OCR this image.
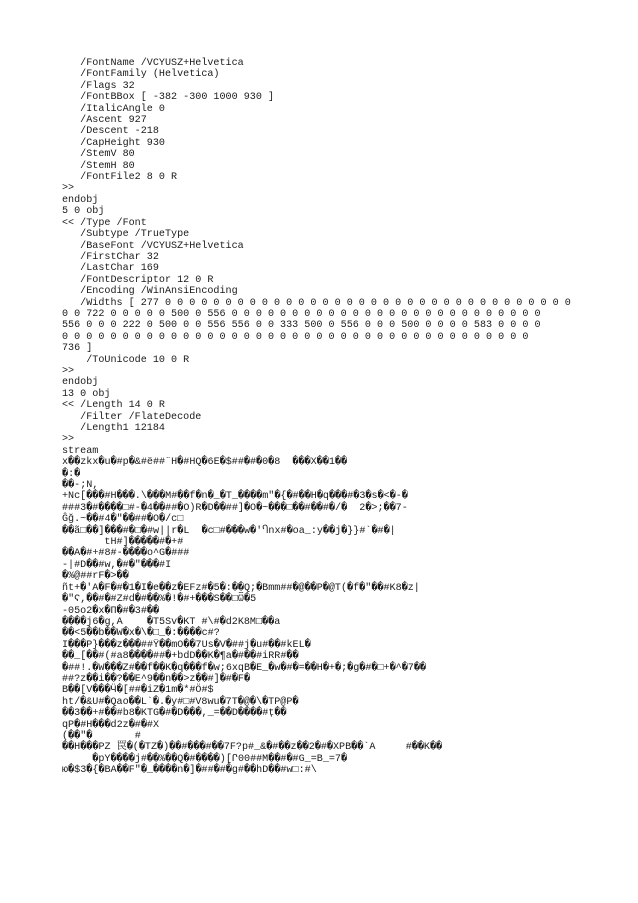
/FontName /VCYUSZ+Helvetica
/FontFamily (Helvetica)
/Flags 32
/FontBBox [ -382 -300 1000 930 ]
/ItalicAngle 0
/Ascent 927
/Descent -218
/CapHeight 930
/StemV 80
/StemH 80
/FontFile2 8 0 R
>>
endobj
5 0 obj
<< /Type /Font
/Subtype /TrueType
/BaseFont /VCYUSZ+Helvetica
/FirstChar 32
/LastChar 169
/FontDescriptor 12 0 R
/Encoding /WinAnsiEncoding
/Widths [ 277 0 0 0 0 0 0 0 0 0 0 0 0 0 0 0 0 0 0 0 0 0 0 0 0 0 0 0 0 0 0 0 0 0 0
0 0 722 0 0 0 0 0 500 0 556 0 0 0 0 0 0 0 0 0 0 0 0 0 0 0 0 0 0 0 0 0 0 0 0 0 0
556 0 0 0 222 0 500 0 0 556 556 0 0 333 500 0 556 0 0 0 500 0 0 0 0 583 0 0 0 0
0 0 0 0 0 0 0 0 0 0 0 0 0 0 0 0 0 0 0 0 0 0 0 0 0 0 0 0 0 0 0 0 0 0 0 0 0 0 0
736 ]
/ToUnicode 10 0 R
>>
endobj
13 0 obj
<< /Length 14 0 R
/Filter /FlateDecode
/Length1 12184
>>
stream
x��zkx�u�#p�&#ë##¨H�#HQ�6E�$##�#�0�8  ���X��1��
�:�
��-;N,
+Nc[���#H���.\���M#��f�n�_�T_����m"�{�#��H�q���#�3�s�<�-�
###3�#����□#-�4��##�O)R�D��##]�O�~���□��#��#�/�  2�>;��7-
Ĝğ.~��#4�"��##�O�/c□
��ã□��]���#�□�#w||r�L  �c□#���w�'Ⴄnx#�oa_:y��j�}}#`�#�|
tH#]�����#�+#
��A�#+#8#-����o^G�###
-|#D��#w,�#�"���#I
�%@##rF�>��
ñt+�'A�F�#�1�I�e��z�EFz#�5�:��Q;�Bmm##�@��P�@T(�f�"��#K8�z|
�"Ϛ,��#�#Z#d�#��%�!�#+���S��□Ѿ�5
-05o2�x�П�#�3#��
����j6�g,A    �T5Sv�KT #\#�d2K8M□��a
��<5��b��W�x�\�□_�:����c#?
I���P}���z���##Ÿ��mO��7Us�V�##j�u#��#kEL�
��_[��#(#a8����##�+bdD��K�¶a�#��#iRR#��
�##!.�W���Z#��f��K�q���f�w;6xqB�E_�w�#�=��H�+�;�g�#�□+�^�7��
##?z��i��?��E^9��n��>z��#]�#�F�
B��[V���Ӵ�[##�iZ�1m�*#Ö#$
ht/�&U#�Qao��L`�.�y#□#V8wu�7T�@�\�TP@P�
��3��+#��#b8�KTG�#�D���,_=��D����#ț��
qP�#H���d2z�#�#X
(��"�       #
��H���PZ 罠�(�TZ�)��#���#��7F?p#_&�#��z��2�#�XPB��`A     #��K��
�pY����j#��%��Q�#����)[Ր00##M��#�#G_=B_=7�
ю�$3�{�BA��F"�_����n�]�##�#�g#��hD��#w□:#\
